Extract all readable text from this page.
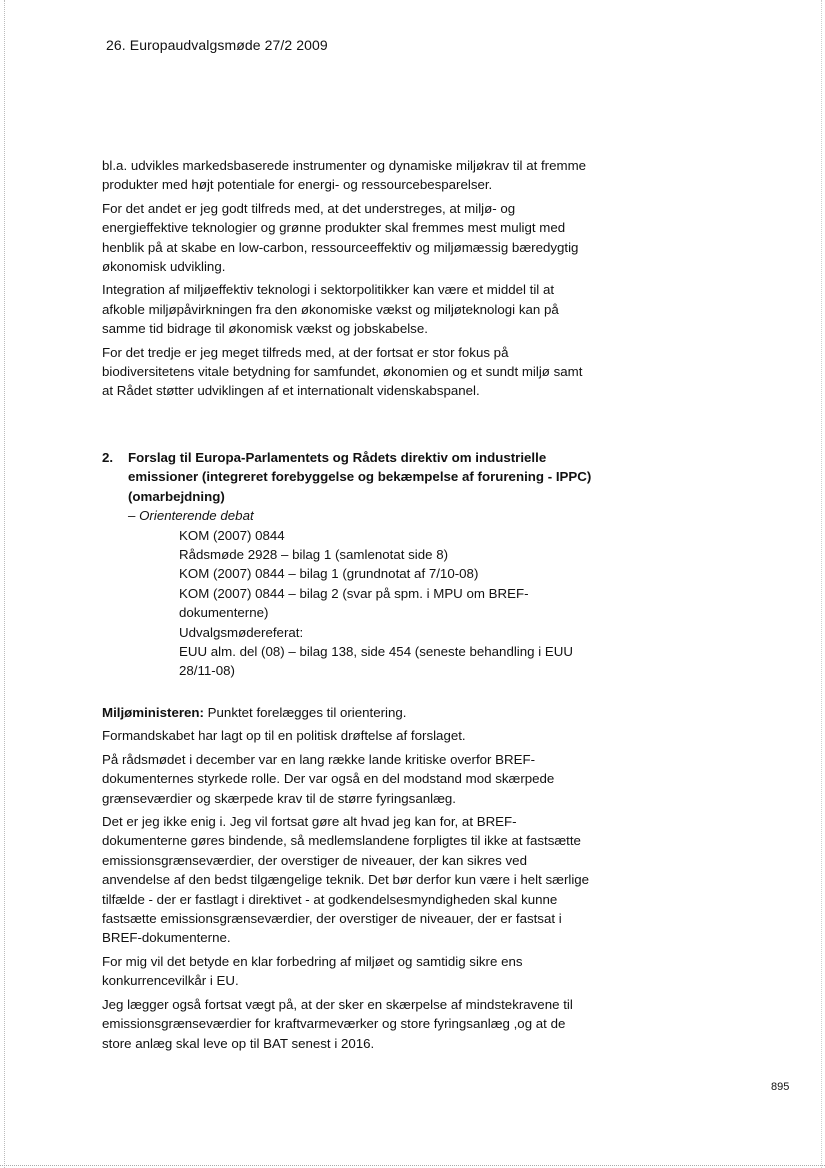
26. Europaudvalgsmøde 27/2 2009

bl.a. udvikles markedsbaserede instrumenter og dynamiske miljøkrav til at fremme produkter med højt potentiale for energi- og ressourcebesparelser.

For det andet er jeg godt tilfreds med, at det understreges, at miljø- og energieffektive teknologier og grønne produkter skal fremmes mest muligt med henblik på at skabe en low-carbon, ressourceeffektiv og miljømæssig bæredygtig økonomisk udvikling.

Integration af miljøeffektiv teknologi i sektorpolitikker kan være et middel til at afkoble miljøpåvirkningen fra den økonomiske vækst og miljøteknologi kan på samme tid bidrage til økonomisk vækst og jobskabelse.

For det tredje er jeg meget tilfreds med, at der fortsat er stor fokus på biodiversitetens vitale betydning for samfundet, økonomien og et sundt miljø samt at Rådet støtter udviklingen af et internationalt videnskabspanel.

2.	Forslag til Europa-Parlamentets og Rådets direktiv om industrielle emissioner (integreret forebyggelse og bekæmpelse af forurening - IPPC) (omarbejdning)
– Orienterende debat
KOM (2007) 0844
Rådsmøde 2928 – bilag 1 (samlenotat side 8)
KOM (2007) 0844 – bilag 1 (grundnotat af 7/10-08)
KOM (2007) 0844 – bilag 2 (svar på spm. i MPU om BREF-dokumenterne)
Udvalgsmødereferat:
EUU alm. del (08) – bilag 138, side 454 (seneste behandling i EUU 28/11-08)

Miljøministeren: Punktet forelægges til orientering.

Formandskabet har lagt op til en politisk drøftelse af forslaget.

På rådsmødet i december var en lang række lande kritiske overfor BREF-dokumenternes styrkede rolle. Der var også en del modstand mod skærpede grænseværdier og skærpede krav til de større fyringsanlæg.

Det er jeg ikke enig i. Jeg vil fortsat gøre alt hvad jeg kan for, at BREF-dokumenterne gøres bindende, så medlemslandene forpligtes til ikke at fastsætte emissionsgrænseværdier, der overstiger de niveauer, der kan sikres ved anvendelse af den bedst tilgængelige teknik. Det bør derfor kun være i helt særlige tilfælde - der er fastlagt i direktivet - at godkendelsesmyndigheden skal kunne fastsætte emissionsgrænseværdier, der overstiger de niveauer, der er fastsat i BREF-dokumenterne.

For mig vil det betyde en klar forbedring af miljøet og samtidig sikre ens konkurrencevilkår i EU.

Jeg lægger også fortsat vægt på, at der sker en skærpelse af mindstekravene til emissionsgrænseværdier for kraftvarmeværker og store fyringsanlæg ,og at de store anlæg skal leve op til BAT senest i 2016.

895
